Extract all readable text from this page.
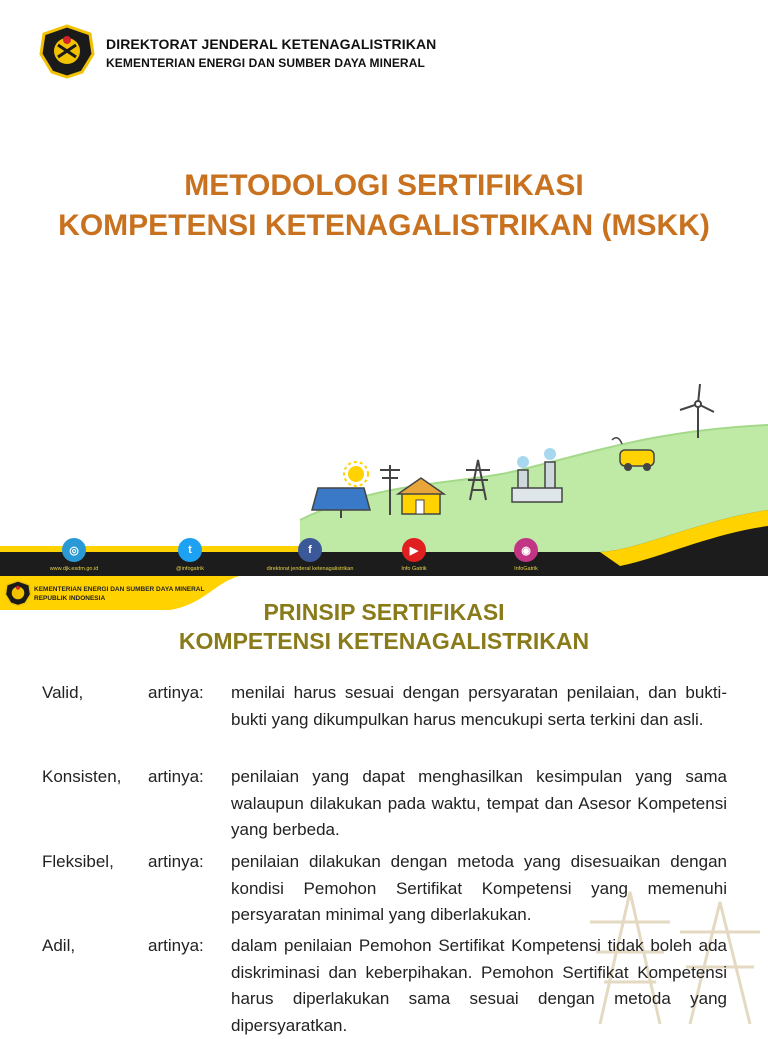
DIREKTORAT JENDERAL KETENAGALISTRIKAN
KEMENTERIAN ENERGI DAN SUMBER DAYA MINERAL
METODOLOGI SERTIFIKASI
KOMPETENSI KETENAGALISTRIKAN (MSKK)
◎
www.djk.esdm.go.id
t
@infogatrik
f
direktorat jenderal ketenagalistrikan
▶
Info Gatrik
◉
InfoGatrik
KEMENTERIAN ENERGI DAN SUMBER DAYA MINERAL
REPUBLIK INDONESIA
PRINSIP SERTIFIKASI
KOMPETENSI KETENAGALISTRIKAN
Valid,	artinya: menilai harus sesuai dengan persyaratan penilaian, dan bukti-bukti yang dikumpulkan harus mencukupi serta terkini dan asli.
Konsisten, artinya: penilaian yang dapat menghasilkan kesimpulan yang sama walaupun dilakukan pada waktu, tempat dan Asesor Kompetensi yang berbeda.
Fleksibel, artinya: penilaian dilakukan dengan metoda yang disesuaikan dengan kondisi Pemohon Sertifikat Kompetensi yang memenuhi persyaratan minimal yang diberlakukan.
Adil,	artinya: dalam penilaian Pemohon Sertifikat Kompetensi tidak boleh ada diskriminasi dan keberpihakan. Pemohon Sertifikat Kompetensi harus diperlakukan sama sesuai dengan metoda yang dipersyaratkan.
